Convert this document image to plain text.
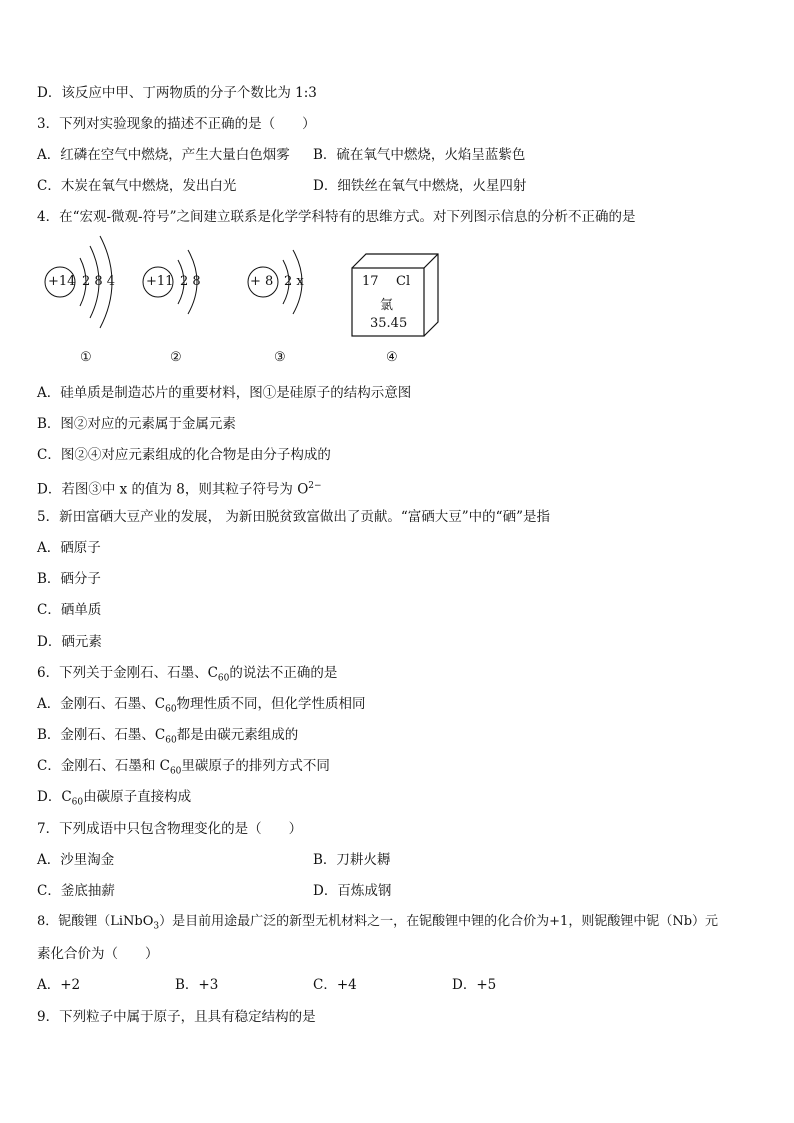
D．该反应中甲、丁两物质的分子个数比为 1:3
3．下列对实验现象的描述不正确的是（　　）
A．红磷在空气中燃烧，产生大量白色烟雾 B．硫在氧气中燃烧，火焰呈蓝紫色
C．木炭在氧气中燃烧，发出白光	D．细铁丝在氧气中燃烧，火星四射
4．在“宏观-微观-符号”之间建立联系是化学学科特有的思维方式。对下列图示信息的分析不正确的是
+14 2 8 4 +11 2 8	+ 8 2 x	17 Cl
氯
35.45
①	②	③	④
A．硅单质是制造芯片的重要材料，图①是硅原子的结构示意图
B．图②对应的元素属于金属元素
C．图②④对应元素组成的化合物是由分子构成的
D．若图③中 x 的值为 8，则其粒子符号为 $O^{2-}$
5．新田富硒大豆产业的发展， 为新田脱贫致富做出了贡献。“富硒大豆”中的“硒”是指
A．硒原子
B．硒分子
C．硒单质
D．硒元素
6．下列关于金刚石、石墨、$C_{60}$的说法不正确的是
A．金刚石、石墨、$C_{60}$物理性质不同，但化学性质相同
B．金刚石、石墨、$C_{60}$都是由碳元素组成的
C．金刚石、石墨和 $C_{60}$里碳原子的排列方式不同
D．$C_{60}$由碳原子直接构成
7．下列成语中只包含物理变化的是（　　）
A．沙里淘金	B．刀耕火耨
C．釜底抽薪	D．百炼成钢
8．铌酸锂（LiNbO$_3$）是目前用途最广泛的新型无机材料之一，在铌酸锂中锂的化合价为+1，则铌酸锂中铌（Nb）元
素化合价为（　　）
A．+2	B．+3	C．+4	D．+5
9．下列粒子中属于原子，且具有稳定结构的是
